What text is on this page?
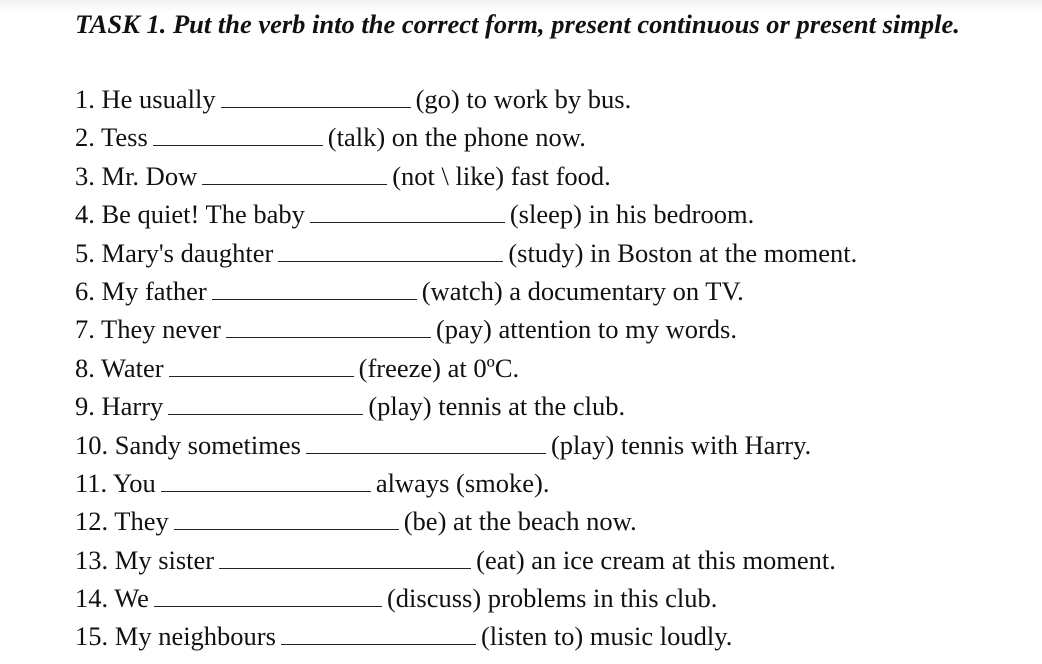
TASK 1. Put the verb into the correct form, present continuous or present simple.

1. He usually	(go) to work by bus.
2. Tess	(talk) on the phone now.
3. Mr. Dow	(not \ like) fast food.
4. Be quiet! The baby	(sleep) in his bedroom.
5. Mary's daughter	(study) in Boston at the moment.
6. My father	(watch) a documentary on TV.
7. They never	(pay) attention to my words.
8. Water	(freeze) at 0ºC.
9. Harry	(play) tennis at the club.
10. Sandy sometimes	(play) tennis with Harry.
11. You	always (smoke).
12. They	(be) at the beach now.
13. My sister	(eat) an ice cream at this moment.
14. We	(discuss) problems in this club.
15. My neighbours	(listen to) music loudly.
